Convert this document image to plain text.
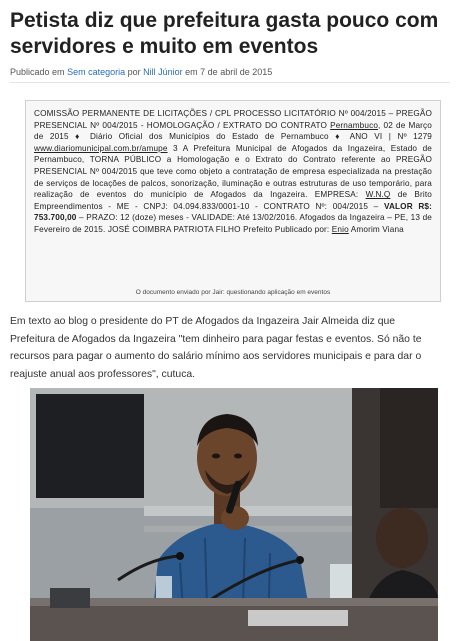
Petista diz que prefeitura gasta pouco com
servidores e muito em eventos
Publicado em Sem categoria por Nill Júnior em 7 de abril de 2015
COMISSÃO PERMANENTE DE LICITAÇÕES / CPL PROCESSO LICITATÓRIO Nº 004/2015 – PREGÃO PRESENCIAL Nº 004/2015 - HOMOLOGAÇÃO / EXTRATO DO CONTRATO Pernambuco, 02 de Março de 2015 ♦ Diário Oficial dos Municípios do Estado de Pernambuco ♦ ANO VI | Nº 1279 www.diariomunicipal.com.br/amupe 3 A Prefeitura Municipal de Afogados da Ingazeira, Estado de Pernambuco, TORNA PÚBLICO a Homologação e o Extrato do Contrato referente ao PREGÃO PRESENCIAL Nº 004/2015 que teve como objeto a contratação de empresa especializada na prestação de serviços de locações de palcos, sonorização, iluminação e outras estruturas de uso temporário, para realização de eventos do município de Afogados da Ingazeira. EMPRESA: W.N.Q de Brito Empreendimentos - ME - CNPJ: 04.094.833/0001-10 - CONTRATO Nº: 004/2015 – VALOR R$: 753.700,00 – PRAZO: 12 (doze) meses - VALIDADE: Até 13/02/2016. Afogados da Ingazeira – PE, 13 de Fevereiro de 2015. JOSÉ COIMBRA PATRIOTA FILHO Prefeito Publicado por: Enio Amorim Viana
O documento enviado por Jair: questionando aplicação em eventos
Em texto ao blog o presidente do PT de Afogados da Ingazeira Jair Almeida diz que
Prefeitura de Afogados da Ingazeira "tem dinheiro para pagar festas e eventos. Só não te
recursos para pagar o aumento do salário mínimo aos servidores municipais e para dar o
reajuste anual aos professores", cutuca.
